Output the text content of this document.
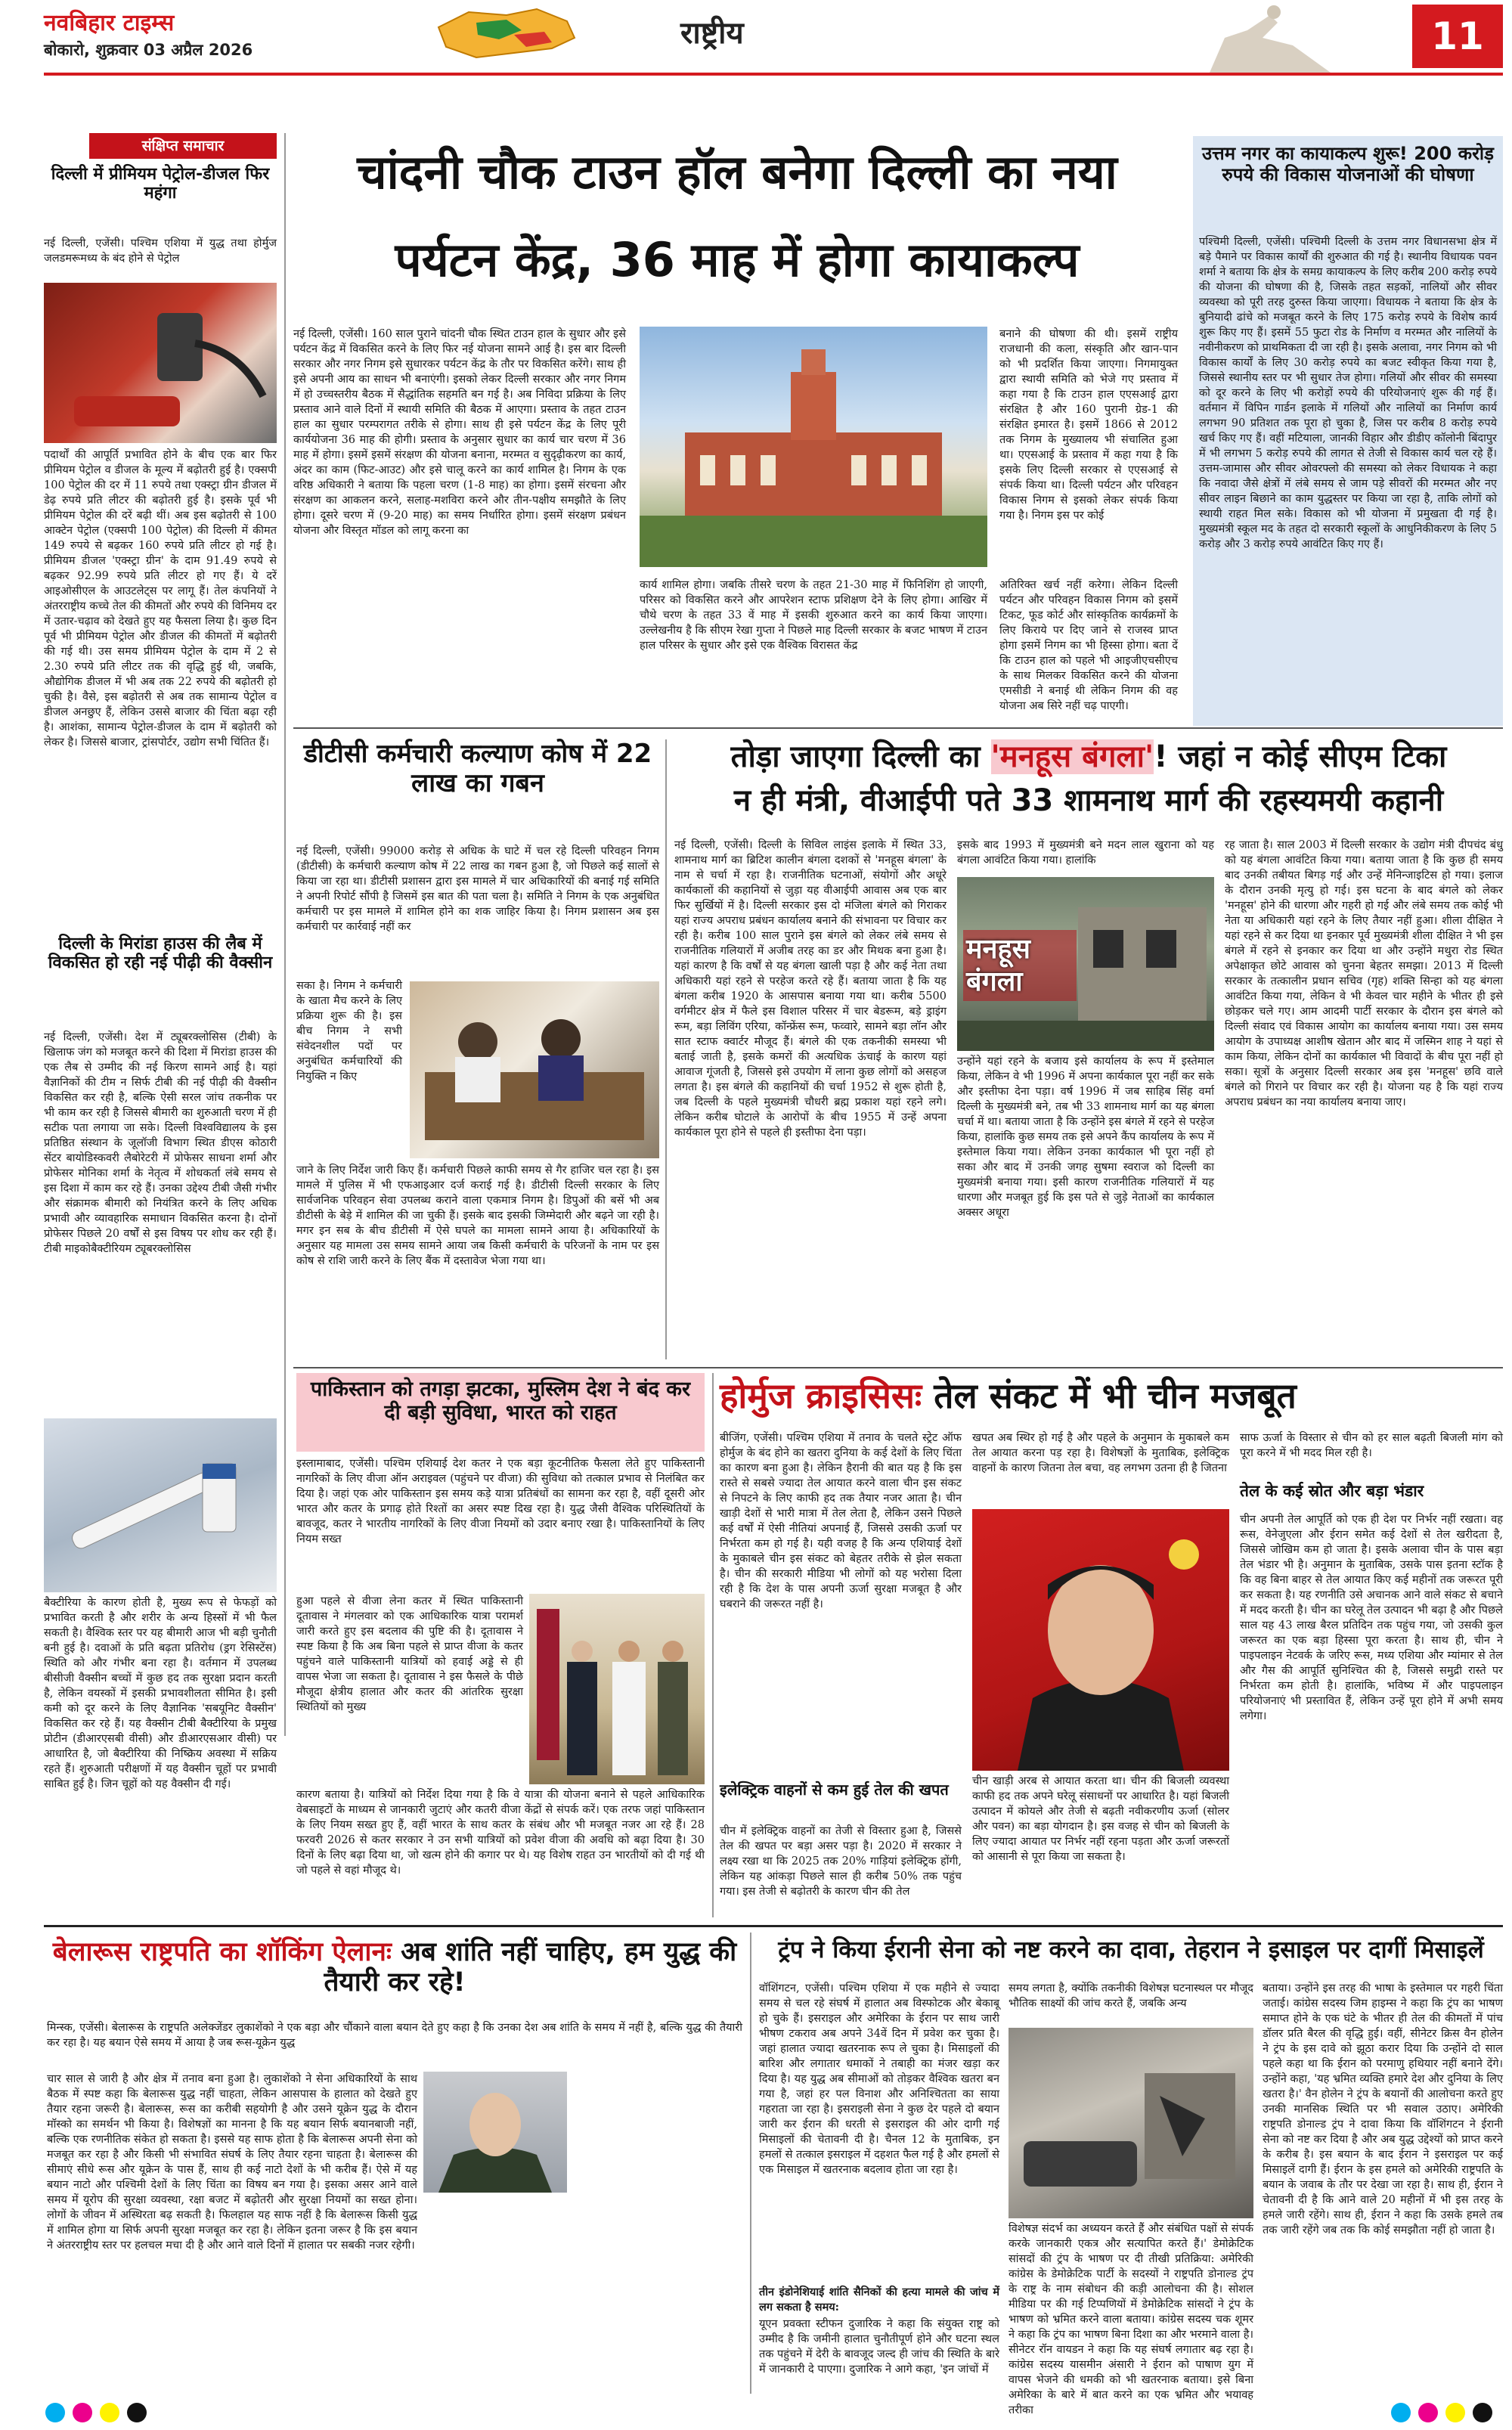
नवबिहार टाइम्स
बोकारो, शुक्रवार 03 अप्रैल 2026	राष्ट्रीय	11
संक्षिप्त समाचार
दिल्ली में प्रीमियम पेट्रोल-डीजल फिर महंगा
नई दिल्ली, एजेंसी। पश्चिम एशिया में युद्ध तथा होर्मुज जलडमरूमध्य के बंद होने से पेट्रोल
पदार्थों की आपूर्ति प्रभावित होने के बीच एक बार फिर प्रीमियम पेट्रोल व डीजल के मूल्य में बढ़ोतरी हुई है। एक्सपी 100 पेट्रोल की दर में 11 रुपये तथा एक्स्ट्रा ग्रीन डीजल में डेढ़ रुपये प्रति लीटर की बढ़ोतरी हुई है। इसके पूर्व भी प्रीमियम पेट्रोल की दरें बढ़ी थीं। अब इस बढ़ोतरी से 100 आक्टेन पेट्रोल (एक्सपी 100 पेट्रोल) की दिल्ली में कीमत 149 रुपये से बढ़कर 160 रुपये प्रति लीटर हो गई है। प्रीमियम डीजल 'एक्स्ट्रा ग्रीन' के दाम 91.49 रुपये से बढ़कर 92.99 रुपये प्रति लीटर हो गए हैं। ये दरें आइओसीएल के आउटलेट्स पर लागू हैं। तेल कंपनियों ने अंतरराष्ट्रीय कच्चे तेल की कीमतों और रुपये की विनिमय दर में उतार-चढ़ाव को देखते हुए यह फैसला लिया है। कुछ दिन पूर्व भी प्रीमियम पेट्रोल और डीजल की कीमतों में बढ़ोतरी की गई थी। उस समय प्रीमियम पेट्रोल के दाम में 2 से 2.30 रुपये प्रति लीटर तक की वृद्धि हुई थी, जबकि, औद्योगिक डीजल में भी अब तक 22 रुपये की बढ़ोतरी हो चुकी है। वैसे, इस बढ़ोतरी से अब तक सामान्य पेट्रोल व डीजल अनछुए हैं, लेकिन उससे बाजार की चिंता बढ़ा रही है। आशंका, सामान्य पेट्रोल-डीजल के दाम में बढ़ोतरी को लेकर है। जिससे बाजार, ट्रांसपोर्टर, उद्योग सभी चिंतित हैं।
दिल्ली के मिरांडा हाउस की लैब में विकसित हो रही नई पीढ़ी की वैक्सीन
नई दिल्ली, एजेंसी। देश में ट्यूबरक्लोसिस (टीबी) के खिलाफ जंग को मजबूत करने की दिशा में मिरांडा हाउस की एक लैब से उम्मीद की नई किरण सामने आई है। यहां वैज्ञानिकों की टीम न सिर्फ टीबी की नई पीढ़ी की वैक्सीन विकसित कर रही है, बल्कि ऐसी सरल जांच तकनीक पर भी काम कर रही है जिससे बीमारी का शुरुआती चरण में ही सटीक पता लगाया जा सके। दिल्ली विश्वविद्यालय के इस प्रतिष्ठित संस्थान के जूलॉजी विभाग स्थित डीएस कोठारी सेंटर बायोडिस्कवरी लैबोरेटरी में प्रोफेसर साधना शर्मा और प्रोफेसर मोनिका शर्मा के नेतृत्व में शोधकर्ता लंबे समय से इस दिशा में काम कर रहे हैं। उनका उद्देश्य टीबी जैसी गंभीर और संक्रामक बीमारी को नियंत्रित करने के लिए अधिक प्रभावी और व्यावहारिक समाधान विकसित करना है। दोनों प्रोफेसर पिछले 20 वर्षों से इस विषय पर शोध कर रही हैं। टीबी माइकोबैक्टीरियम ट्यूबरक्लोसिस
बैक्टीरिया के कारण होती है, मुख्य रूप से फेफड़ों को प्रभावित करती है और शरीर के अन्य हिस्सों में भी फैल सकती है। वैश्विक स्तर पर यह बीमारी आज भी बड़ी चुनौती बनी हुई है। दवाओं के प्रति बढ़ता प्रतिरोध (ड्रग रेसिस्टेंस) स्थिति को और गंभीर बना रहा है। वर्तमान में उपलब्ध बीसीजी वैक्सीन बच्चों में कुछ हद तक सुरक्षा प्रदान करती है, लेकिन वयस्कों में इसकी प्रभावशीलता सीमित है। इसी कमी को दूर करने के लिए वैज्ञानिक 'सबयूनिट वैक्सीन' विकसित कर रहे हैं। यह वैक्सीन टीबी बैक्टीरिया के प्रमुख प्रोटीन (डीआरएसबी वीसी) और डीआरएसआर वीसी) पर आधारित है, जो बैक्टीरिया की निष्क्रिय अवस्था में सक्रिय रहते हैं। शुरुआती परीक्षणों में यह वैक्सीन चूहों पर प्रभावी साबित हुई है। जिन चूहों को यह वैक्सीन दी गई।
चांदनी चौक टाउन हॉल बनेगा दिल्ली का नया
पर्यटन केंद्र, 36 माह में होगा कायाकल्प
नई दिल्ली, एजेंसी। 160 साल पुराने चांदनी चौक स्थित टाउन हाल के सुधार और इसे पर्यटन केंद्र में विकसित करने के लिए फिर नई योजना सामने आई है। इस बार दिल्ली सरकार और नगर निगम इसे सुधारकर पर्यटन केंद्र के तौर पर विकसित करेंगे। साथ ही इसे अपनी आय का साधन भी बनाएंगी। इसको लेकर दिल्ली सरकार और नगर निगम में हो उच्चस्तरीय बैठक में सैद्धांतिक सहमति बन गई है। अब निविदा प्रक्रिया के लिए प्रस्ताव आने वाले दिनों में स्थायी समिति की बैठक में आएगा। प्रस्ताव के तहत टाउन हाल का सुधार परम्परागत तरीके से होगा। साथ ही इसे पर्यटन केंद्र के लिए पूरी कार्ययोजना 36 माह की होगी। प्रस्ताव के अनुसार सुधार का कार्य चार चरण में 36 माह में होगा। इसमें इसमें संरक्षण की योजना बनाना, मरम्मत व सुदृढ़ीकरण का कार्य, अंदर का काम (फिट-आउट) और इसे चालू करने का कार्य शामिल है। निगम के एक वरिष्ठ अधिकारी ने बताया कि पहला चरण (1-8 माह) का होगा। इसमें संरचना और संरक्षण का आकलन करने, सलाह-मशविरा करने और तीन-पक्षीय समझौते के लिए होगा। दूसरे चरण में (9-20 माह) का समय निर्धारित होगा। इसमें संरक्षण प्रबंधन योजना और विस्तृत मॉडल को लागू करना का
कार्य शामिल होगा। जबकि तीसरे चरण के तहत 21-30 माह में फिनिशिंग हो जाएगी, परिसर को विकसित करने और आपरेशन स्टाफ प्रशिक्षण देने के लिए होगा। आखिर में चौथे चरण के तहत 33 वें माह में इसकी शुरुआत करने का कार्य किया जाएगा। उल्लेखनीय है कि सीएम रेखा गुप्ता ने पिछले माह दिल्ली सरकार के बजट भाषण में टाउन हाल परिसर के सुधार और इसे एक वैश्विक विरासत केंद्र
बनाने की घोषणा की थी। इसमें राष्ट्रीय राजधानी की कला, संस्कृति और खान-पान को भी प्रदर्शित किया जाएगा। निगमायुक्त द्वारा स्थायी समिति को भेजे गए प्रस्ताव में कहा गया है कि टाउन हाल एएसआई द्वारा संरक्षित है और 160 पुरानी ग्रेड-1 की संरक्षित इमारत है। इसमें 1866 से 2012 तक निगम के मुख्यालय भी संचालित हुआ था। एएसआई के प्रस्ताव में कहा गया है कि इसके लिए दिल्ली सरकार से एएसआई से संपर्क किया था। दिल्ली पर्यटन और परिवहन विकास निगम से इसको लेकर संपर्क किया गया है। निगम इस पर कोई
अतिरिक्त खर्च नहीं करेगा। लेकिन दिल्ली पर्यटन और परिवहन विकास निगम को इसमें टिकट, फूड कोर्ट और सांस्कृतिक कार्यक्रमों के लिए किराये पर दिए जाने से राजस्व प्राप्त होगा इसमें निगम का भी हिस्सा होगा। बता दें कि टाउन हाल को पहले भी आइजीएचसीएच के साथ मिलकर विकसित करने की योजना एमसीडी ने बनाई थी लेकिन निगम की वह योजना अब सिरे नहीं चढ़ पाएगी।
उत्तम नगर का कायाकल्प शुरू! 200 करोड़ रुपये की विकास योजनाओं की घोषणा
पश्चिमी दिल्ली, एजेंसी। पश्चिमी दिल्ली के उत्तम नगर विधानसभा क्षेत्र में बड़े पैमाने पर विकास कार्यों की शुरुआत की गई है। स्थानीय विधायक पवन शर्मा ने बताया कि क्षेत्र के समग्र कायाकल्प के लिए करीब 200 करोड़ रुपये की योजना की घोषणा की है, जिसके तहत सड़कों, नालियों और सीवर व्यवस्था को पूरी तरह दुरुस्त किया जाएगा। विधायक ने बताया कि क्षेत्र के बुनियादी ढांचे को मजबूत करने के लिए 175 करोड़ रुपये के विशेष कार्य शुरू किए गए हैं। इसमें 55 फुटा रोड के निर्माण व मरम्मत और नालियों के नवीनीकरण को प्राथमिकता दी जा रही है। इसके अलावा, नगर निगम को भी विकास कार्यों के लिए 30 करोड़ रुपये का बजट स्वीकृत किया गया है, जिससे स्थानीय स्तर पर भी सुधार तेज होगा। गलियों और सीवर की समस्या को दूर करने के लिए भी करोड़ों रुपये की परियोजनाएं शुरू की गई हैं। वर्तमान में विपिन गार्डन इलाके में गलियों और नालियों का निर्माण कार्य लगभग 90 प्रतिशत तक पूरा हो चुका है, जिस पर करीब 8 करोड़ रुपये खर्च किए गए हैं। वहीं मटियाला, जानकी विहार और डीडीए कॉलोनी बिंदापुर में भी लगभग 5 करोड़ रुपये की लागत से तेजी से विकास कार्य चल रहे हैं। उत्तम-जामास और सीवर ओवरफ्लो की समस्या को लेकर विधायक ने कहा कि नवादा जैसे क्षेत्रों में लंबे समय से जाम पड़े सीवरों की मरम्मत और नए सीवर लाइन बिछाने का काम युद्धस्तर पर किया जा रहा है, ताकि लोगों को स्थायी राहत मिल सके। विकास को भी योजना में प्रमुखता दी गई है। मुख्यमंत्री स्कूल मद के तहत दो सरकारी स्कूलों के आधुनिकीकरण के लिए 5 करोड़ और 3 करोड़ रुपये आवंटित किए गए हैं।
डीटीसी कर्मचारी कल्याण कोष में 22 लाख का गबन
नई दिल्ली, एजेंसी। 99000 करोड़ से अधिक के घाटे में चल रहे दिल्ली परिवहन निगम (डीटीसी) के कर्मचारी कल्याण कोष में 22 लाख का गबन हुआ है, जो पिछले कई सालों से किया जा रहा था। डीटीसी प्रशासन द्वारा इस मामले में चार अधिकारियों की बनाई गई समिति ने अपनी रिपोर्ट सौंपी है जिसमें इस बात की पता चला है। समिति ने निगम के एक अनुबंधित कर्मचारी पर इस मामले में शामिल होने का शक जाहिर किया है। निगम प्रशासन अब इस कर्मचारी पर कार्रवाई नहीं कर
सका है। निगम ने कर्मचारी के खाता मैच करने के लिए प्रक्रिया शुरू की है। इस बीच निगम ने सभी संवेदनशील पदों पर अनुबंधित कर्मचारियों की नियुक्ति न किए
जाने के लिए निर्देश जारी किए हैं। कर्मचारी पिछले काफी समय से गैर हाजिर चल रहा है। इस मामले में पुलिस में भी एफआइआर दर्ज कराई गई है। डीटीसी दिल्ली सरकार के लिए सार्वजनिक परिवहन सेवा उपलब्ध कराने वाला एकमात्र निगम है। डिपुओं की बसें भी अब डीटीसी के बेड़े में शामिल की जा चुकी हैं। इसके बाद इसकी जिम्मेदारी और बढ़ने जा रही है। मगर इन सब के बीच डीटीसी में ऐसे घपले का मामला सामने आया है। अधिकारियों के अनुसार यह मामला उस समय सामने आया जब किसी कर्मचारी के परिजनों के नाम पर इस कोष से राशि जारी करने के लिए बैंक में दस्तावेज भेजा गया था।
तोड़ा जाएगा दिल्ली का 'मनहूस बंगला'! जहां न कोई सीएम टिका
न ही मंत्री, वीआईपी पते 33 शामनाथ मार्ग की रहस्यमयी कहानी
नई दिल्ली, एजेंसी। दिल्ली के सिविल लाइंस इलाके में स्थित 33, शामनाथ मार्ग का ब्रिटिश कालीन बंगला दशकों से 'मनहूस बंगला' के नाम से चर्चा में रहा है। राजनीतिक घटनाओं, संयोगों और अधूरे कार्यकालों की कहानियों से जुड़ा यह वीआईपी आवास अब एक बार फिर सुर्खियों में है। दिल्ली सरकार इस दो मंजिला बंगले को गिराकर यहां राज्य अपराध प्रबंधन कार्यालय बनाने की संभावना पर विचार कर रही है। करीब 100 साल पुराने इस बंगले को लेकर लंबे समय से राजनीतिक गलियारों में अजीब तरह का डर और मिथक बना हुआ है। यहां कारण है कि वर्षों से यह बंगला खाली पड़ा है और कई नेता तथा अधिकारी यहां रहने से परहेज करते रहे हैं। बताया जाता है कि यह बंगला करीब 1920 के आसपास बनाया गया था। करीब 5500 वर्गमीटर क्षेत्र में फैले इस विशाल परिसर में चार बेडरूम, बड़े ड्राइंग रूम, बड़ा लिविंग एरिया, कॉन्फ्रेंस रूम, फव्वारे, सामने बड़ा लॉन और सात स्टाफ क्वार्टर मौजूद हैं। बंगले की एक तकनीकी समस्या भी बताई जाती है, इसके कमरों की अत्यधिक ऊंचाई के कारण यहां आवाज गूंजती है, जिससे इसे उपयोग में लाना कुछ लोगों को असहज लगता है। इस बंगले की कहानियों की चर्चा 1952 से शुरू होती है, जब दिल्ली के पहले मुख्यमंत्री चौधरी ब्रह्म प्रकाश यहां रहने लगे। लेकिन करीब घोटाले के आरोपों के बीच 1955 में उन्हें अपना कार्यकाल पूरा होने से पहले ही इस्तीफा देना पड़ा।
इसके बाद 1993 में मुख्यमंत्री बने मदन लाल खुराना को यह बंगला आवंटित किया गया। हालांकि
मनहूस बंगला
उन्होंने यहां रहने के बजाय इसे कार्यालय के रूप में इस्तेमाल किया, लेकिन वे भी 1996 में अपना कार्यकाल पूरा नहीं कर सके और इस्तीफा देना पड़ा। वर्ष 1996 में जब साहिब सिंह वर्मा दिल्ली के मुख्यमंत्री बने, तब भी 33 शामनाथ मार्ग का यह बंगला चर्चा में था। बताया जाता है कि उन्होंने इस बंगले में रहने से परहेज किया, हालांकि कुछ समय तक इसे अपने कैंप कार्यालय के रूप में इस्तेमाल किया गया। लेकिन उनका कार्यकाल भी पूरा नहीं हो सका और बाद में उनकी जगह सुषमा स्वराज को दिल्ली का मुख्यमंत्री बनाया गया। इसी कारण राजनीतिक गलियारों में यह धारणा और मजबूत हुई कि इस पते से जुड़े नेताओं का कार्यकाल अक्सर अधूरा
रह जाता है। साल 2003 में दिल्ली सरकार के उद्योग मंत्री दीपचंद बंधु को यह बंगला आवंटित किया गया। बताया जाता है कि कुछ ही समय बाद उनकी तबीयत बिगड़ गई और उन्हें मेनिन्जाइटिस हो गया। इलाज के दौरान उनकी मृत्यु हो गई। इस घटना के बाद बंगले को लेकर 'मनहूस' होने की धारणा और गहरी हो गई और लंबे समय तक कोई भी नेता या अधिकारी यहां रहने के लिए तैयार नहीं हुआ। शीला दीक्षित ने यहां रहने से कर दिया था इनकार पूर्व मुख्यमंत्री शीला दीक्षित ने भी इस बंगले में रहने से इनकार कर दिया था और उन्होंने मथुरा रोड स्थित अपेक्षाकृत छोटे आवास को चुनना बेहतर समझा। 2013 में दिल्ली सरकार के तत्कालीन प्रधान सचिव (गृह) शक्ति सिन्हा को यह बंगला आवंटित किया गया, लेकिन वे भी केवल चार महीने के भीतर ही इसे छोड़कर चले गए। आम आदमी पार्टी सरकार के दौरान इस बंगले को दिल्ली संवाद एवं विकास आयोग का कार्यालय बनाया गया। उस समय आयोग के उपाध्यक्ष आशीष खेतान और बाद में जस्मिन शाह ने यहां से काम किया, लेकिन दोनों का कार्यकाल भी विवादों के बीच पूरा नहीं हो सका। सूत्रों के अनुसार दिल्ली सरकार अब इस 'मनहूस' छवि वाले बंगले को गिराने पर विचार कर रही है। योजना यह है कि यहां राज्य अपराध प्रबंधन का नया कार्यालय बनाया जाए।
पाकिस्तान को तगड़ा झटका, मुस्लिम देश ने बंद कर दी बड़ी सुविधा, भारत को राहत
इस्लामाबाद, एजेंसी। पश्चिम एशियाई देश कतर ने एक बड़ा कूटनीतिक फैसला लेते हुए पाकिस्तानी नागरिकों के लिए वीजा ऑन अराइवल (पहुंचने पर वीजा) की सुविधा को तत्काल प्रभाव से निलंबित कर दिया है। जहां एक ओर पाकिस्तान इस समय कड़े यात्रा प्रतिबंधों का सामना कर रहा है, वहीं दूसरी ओर भारत और कतर के प्रगाढ़ होते रिश्तों का असर स्पष्ट दिख रहा है। युद्ध जैसी वैश्विक परिस्थितियों के बावजूद, कतर ने भारतीय नागरिकों के लिए वीजा नियमों को उदार बनाए रखा है। पाकिस्तानियों के लिए नियम सख्त
हुआ पहले से वीजा लेना कतर में स्थित पाकिस्तानी दूतावास ने मंगलवार को एक आधिकारिक यात्रा परामर्श जारी करते हुए इस बदलाव की पुष्टि की है। दूतावास ने स्पष्ट किया है कि अब बिना पहले से प्राप्त वीजा के कतर पहुंचने वाले पाकिस्तानी यात्रियों को हवाई अड्डे से ही वापस भेजा जा सकता है। दूतावास ने इस फैसले के पीछे मौजूदा क्षेत्रीय हालात और कतर की आंतरिक सुरक्षा स्थितियों को मुख्य
कारण बताया है। यात्रियों को निर्देश दिया गया है कि वे यात्रा की योजना बनाने से पहले आधिकारिक वेबसाइटों के माध्यम से जानकारी जुटाएं और कतरी वीजा केंद्रों से संपर्क करें। एक तरफ जहां पाकिस्तान के लिए नियम सख्त हुए हैं, वहीं भारत के साथ कतर के संबंध और भी मजबूत नजर आ रहे हैं। 28 फरवरी 2026 से कतर सरकार ने उन सभी यात्रियों को प्रवेश वीजा की अवधि को बढ़ा दिया है। 30 दिनों के लिए बढ़ा दिया था, जो खत्म होने की कगार पर थे। यह विशेष राहत उन भारतीयों को दी गई थी जो पहले से वहां मौजूद थे।
होर्मुज क्राइसिसः तेल संकट में भी चीन मजबूत
बीजिंग, एजेंसी। पश्चिम एशिया में तनाव के चलते स्ट्रेट ऑफ होर्मुज के बंद होने का खतरा दुनिया के कई देशों के लिए चिंता का कारण बना हुआ है। लेकिन हैरानी की बात यह है कि इस रास्ते से सबसे ज्यादा तेल आयात करने वाला चीन इस संकट से निपटने के लिए काफी हद तक तैयार नजर आता है। चीन खाड़ी देशों से भारी मात्रा में तेल लेता है, लेकिन उसने पिछले कई वर्षों में ऐसी नीतियां अपनाई हैं, जिससे उसकी ऊर्जा पर निर्भरता कम हो गई है। यही वजह है कि अन्य एशियाई देशों के मुकाबले चीन इस संकट को बेहतर तरीके से झेल सकता है। चीन की सरकारी मीडिया भी लोगों को यह भरोसा दिला रही है कि देश के पास अपनी ऊर्जा सुरक्षा मजबूत है और घबराने की जरूरत नहीं है।
इलेक्ट्रिक वाहनों से कम हुई तेल की खपत
चीन में इलेक्ट्रिक वाहनों का तेजी से विस्तार हुआ है, जिससे तेल की खपत पर बड़ा असर पड़ा है। 2020 में सरकार ने लक्ष्य रखा था कि 2025 तक 20% गाड़ियां इलेक्ट्रिक होंगी, लेकिन यह आंकड़ा पिछले साल ही करीब 50% तक पहुंच गया। इस तेजी से बढ़ोतरी के कारण चीन की तेल
खपत अब स्थिर हो गई है और पहले के अनुमान के मुकाबले कम तेल आयात करना पड़ रहा है। विशेषज्ञों के मुताबिक, इलेक्ट्रिक वाहनों के कारण जितना तेल बचा, वह लगभग उतना ही है जितना
चीन खाड़ी अरब से आयात करता था। चीन की बिजली व्यवस्था काफी हद तक अपने घरेलू संसाधनों पर आधारित है। यहां बिजली उत्पादन में कोयले और तेजी से बढ़ती नवीकरणीय ऊर्जा (सोलर और पवन) का बड़ा योगदान है। इस वजह से चीन को बिजली के लिए ज्यादा आयात पर निर्भर नहीं रहना पड़ता और ऊर्जा जरूरतों को आसानी से पूरा किया जा सकता है।
साफ ऊर्जा के विस्तार से चीन को हर साल बढ़ती बिजली मांग को पूरा करने में भी मदद मिल रही है।
तेल के कई स्रोत और बड़ा भंडार
चीन अपनी तेल आपूर्ति को एक ही देश पर निर्भर नहीं रखता। वह रूस, वेनेजुएला और ईरान समेत कई देशों से तेल खरीदता है, जिससे जोखिम कम हो जाता है। इसके अलावा चीन के पास बड़ा तेल भंडार भी है। अनुमान के मुताबिक, उसके पास इतना स्टॉक है कि वह बिना बाहर से तेल आयात किए कई महीनों तक जरूरत पूरी कर सकता है। यह रणनीति उसे अचानक आने वाले संकट से बचाने में मदद करती है। चीन का घरेलू तेल उत्पादन भी बढ़ा है और पिछले साल यह 43 लाख बैरल प्रतिदिन तक पहुंच गया, जो उसकी कुल जरूरत का एक बड़ा हिस्सा पूरा करता है। साथ ही, चीन ने पाइपलाइन नेटवर्क के जरिए रूस, मध्य एशिया और म्यांमार से तेल और गैस की आपूर्ति सुनिश्चित की है, जिससे समुद्री रास्ते पर निर्भरता कम होती है। हालांकि, भविष्य में और पाइपलाइन परियोजनाएं भी प्रस्तावित हैं, लेकिन उन्हें पूरा होने में अभी समय लगेगा।
बेलारूस राष्ट्रपति का शॉकिंग ऐलानः अब शांति नहीं चाहिए, हम युद्ध की तैयारी कर रहे!
मिन्स्क, एजेंसी। बेलारूस के राष्ट्रपति अलेक्जेंडर लुकाशेंको ने एक बड़ा और चौंकाने वाला बयान देते हुए कहा है कि उनका देश अब शांति के समय में नहीं है, बल्कि युद्ध की तैयारी कर रहा है। यह बयान ऐसे समय में आया है जब रूस-यूक्रेन युद्ध
चार साल से जारी है और क्षेत्र में तनाव बना हुआ है। लुकाशेंको ने सेना अधिकारियों के साथ बैठक में स्पष्ट कहा कि बेलारूस युद्ध नहीं चाहता, लेकिन आसपास के हालात को देखते हुए तैयार रहना जरूरी है। बेलारूस, रूस का करीबी सहयोगी है और उसने यूक्रेन युद्ध के दौरान मॉस्को का समर्थन भी किया है। विशेषज्ञों का मानना है कि यह बयान सिर्फ बयानबाजी नहीं, बल्कि एक रणनीतिक संकेत हो सकता है। इससे यह साफ होता है कि बेलारूस अपनी सेना को मजबूत कर रहा है और किसी भी संभावित संघर्ष के लिए तैयार रहना चाहता है। बेलारूस की सीमाएं सीधे रूस और यूक्रेन के पास हैं, साथ ही कई नाटो देशों के भी करीब हैं। ऐसे में यह बयान नाटो और पश्चिमी देशों के लिए चिंता का विषय बन गया है। इसका असर आने वाले समय में यूरोप की सुरक्षा व्यवस्था, रक्षा बजट में बढ़ोतरी और सुरक्षा नियमों का सख्त होना। लोगों के जीवन में अस्थिरता बढ़ सकती है। फिलहाल यह साफ नहीं है कि बेलारूस किसी युद्ध में शामिल होगा या सिर्फ अपनी सुरक्षा मजबूत कर रहा है। लेकिन इतना जरूर है कि इस बयान ने अंतरराष्ट्रीय स्तर पर हलचल मचा दी है और आने वाले दिनों में हालात पर सबकी नजर रहेगी।
ट्रंप ने किया ईरानी सेना को नष्ट करने का दावा, तेहरान ने इसाइल पर दागीं मिसाइलें
वॉशिंगटन, एजेंसी। पश्चिम एशिया में एक महीने से ज्यादा समय से चल रहे संघर्ष में हालात अब विस्फोटक और बेकाबू हो चुके हैं। इसराइल और अमेरिका के ईरान पर साथ जारी भीषण टकराव अब अपने 34वें दिन में प्रवेश कर चुका है। जहां हालात ज्यादा खतरनाक रूप ले चुका है। मिसाइलों की बारिश और लगातार धमाकों ने तबाही का मंजर खड़ा कर दिया है। यह युद्ध अब सीमाओं को तोड़कर वैश्विक खतरा बन गया है, जहां हर पल विनाश और अनिश्चितता का साया गहराता जा रहा है। इसराइली सेना ने कुछ देर पहले दो बयान जारी कर ईरान की धरती से इसराइल की ओर दागी गई मिसाइलों की चेतावनी दी है। चैनल 12 के मुताबिक, इन हमलों से तत्काल इसराइल में दहशत फैल गई है और हमलों से एक मिसाइल में खतरनाक बदलाव होता जा रहा है।
तीन इंडोनेशियाई शांति सैनिकों की हत्या मामले की जांच में लग सकता है समय:
यूएन प्रवक्ता स्टीफन दुजारिक ने कहा कि संयुक्त राष्ट्र को उम्मीद है कि जमीनी हालात चुनौतीपूर्ण होने और घटना स्थल तक पहुंचने में देरी के बावजूद जल्द ही जांच की स्थिति के बारे में जानकारी दे पाएगा। दुजारिक ने आगे कहा, 'इन जांचों में
समय लगता है, क्योंकि तकनीकी विशेषज्ञ घटनास्थल पर मौजूद भौतिक साक्ष्यों की जांच करते हैं, जबकि अन्य
विशेषज्ञ संदर्भ का अध्ययन करते हैं और संबंधित पक्षों से संपर्क करके जानकारी एकत्र और सत्यापित करते हैं।' डेमोक्रेटिक सांसदों की ट्रंप के भाषण पर दी तीखी प्रतिक्रिया: अमेरिकी कांग्रेस के डेमोक्रेटिक पार्टी के सदस्यों ने राष्ट्रपति डोनाल्ड ट्रंप के राष्ट्र के नाम संबोधन की कड़ी आलोचना की है। सोशल मीडिया पर की गई टिप्पणियों में डेमोक्रेटिक सांसदों ने ट्रंप के भाषण को भ्रमित करने वाला बताया। कांग्रेस सदस्य चक शूमर ने कहा कि ट्रंप का भाषण बिना दिशा का और भरमाने वाला है। सीनेटर रॉन वायडन ने कहा कि यह संघर्ष लगातार बढ़ रहा है। कांग्रेस सदस्य यासमीन अंसारी ने ईरान को पाषाण युग में वापस भेजने की धमकी को भी खतरनाक बताया। इसे बिना अमेरिका के बारे में बात करने का एक भ्रमित और भयावह तरीका
बताया। उन्होंने इस तरह की भाषा के इस्तेमाल पर गहरी चिंता जताई। कांग्रेस सदस्य जिम हाइम्स ने कहा कि ट्रंप का भाषण समाप्त होने के एक घंटे के भीतर ही तेल की कीमतों में पांच डॉलर प्रति बैरल की वृद्धि हुई। वहीं, सीनेटर क्रिस वैन होलेन ने ट्रंप के इस दावे को झूठा करार दिया कि उन्होंने दो साल पहले कहा था कि ईरान को परमाणु हथियार नहीं बनाने देंगे। उन्होंने कहा, 'यह भ्रमित व्यक्ति हमारे देश और दुनिया के लिए खतरा है।' वैन होलेन ने ट्रंप के बयानों की आलोचना करते हुए उनकी मानसिक स्थिति पर भी सवाल उठाए। अमेरिकी राष्ट्रपति डोनाल्ड ट्रंप ने दावा किया कि वॉशिंगटन ने ईरानी सेना को नष्ट कर दिया है और अब युद्ध उद्देश्यों को प्राप्त करने के करीब है। इस बयान के बाद ईरान ने इसराइल पर कई मिसाइलें दागी हैं। ईरान के इस हमले को अमेरिकी राष्ट्रपति के बयान के जवाब के तौर पर देखा जा रहा है। साथ ही, ईरान ने चेतावनी दी है कि आने वाले 20 महीनों में भी इस तरह के हमले जारी रहेंगे। साथ ही, ईरान ने कहा कि उसके हमले तब तक जारी रहेंगे जब तक कि कोई समझौता नहीं हो जाता है।
